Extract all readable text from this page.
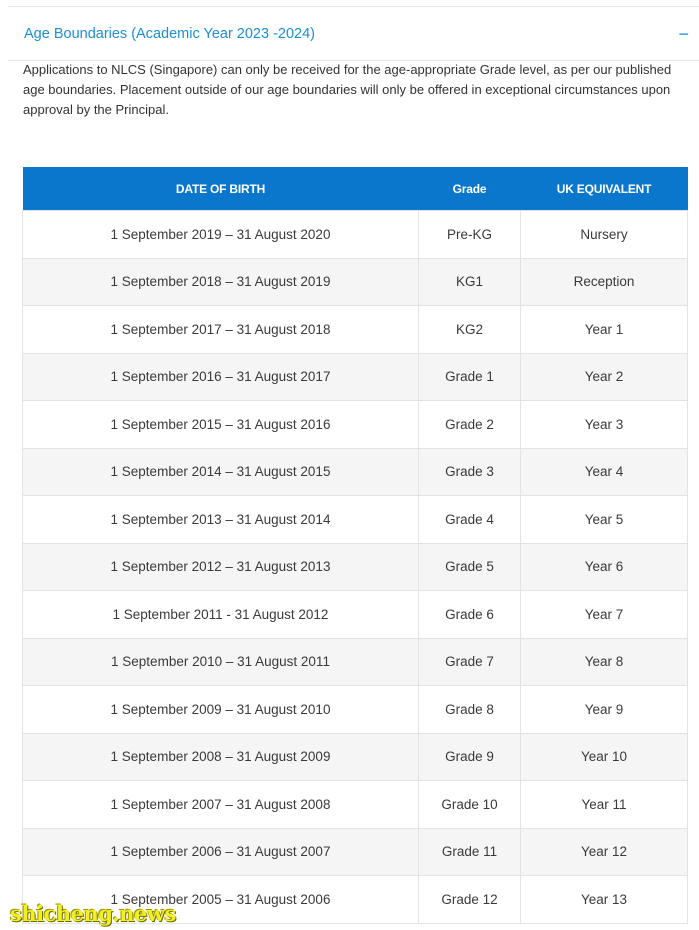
Age Boundaries (Academic Year 2023 -2024)	−
Applications to NLCS (Singapore) can only be received for the age-appropriate Grade level, as per our published age boundaries. Placement outside of our age boundaries will only be offered in exceptional circumstances upon approval by the Principal.
DATE OF BIRTH	Grade	UK EQUIVALENT
1 September 2019 – 31 August 2020	Pre-KG	Nursery
1 September 2018 – 31 August 2019	KG1	Reception
1 September 2017 – 31 August 2018	KG2	Year 1
1 September 2016 – 31 August 2017	Grade 1	Year 2
1 September 2015 – 31 August 2016	Grade 2	Year 3
1 September 2014 – 31 August 2015	Grade 3	Year 4
1 September 2013 – 31 August 2014	Grade 4	Year 5
1 September 2012 – 31 August 2013	Grade 5	Year 6
1 September 2011 - 31 August 2012	Grade 6	Year 7
1 September 2010 – 31 August 2011	Grade 7	Year 8
1 September 2009 – 31 August 2010	Grade 8	Year 9
1 September 2008 – 31 August 2009	Grade 9	Year 10
1 September 2007 – 31 August 2008	Grade 10	Year 11
1 September 2006 – 31 August 2007	Grade 11	Year 12
1 September 2005 – 31 August 2006	Grade 12	Year 13
shicheng.news
